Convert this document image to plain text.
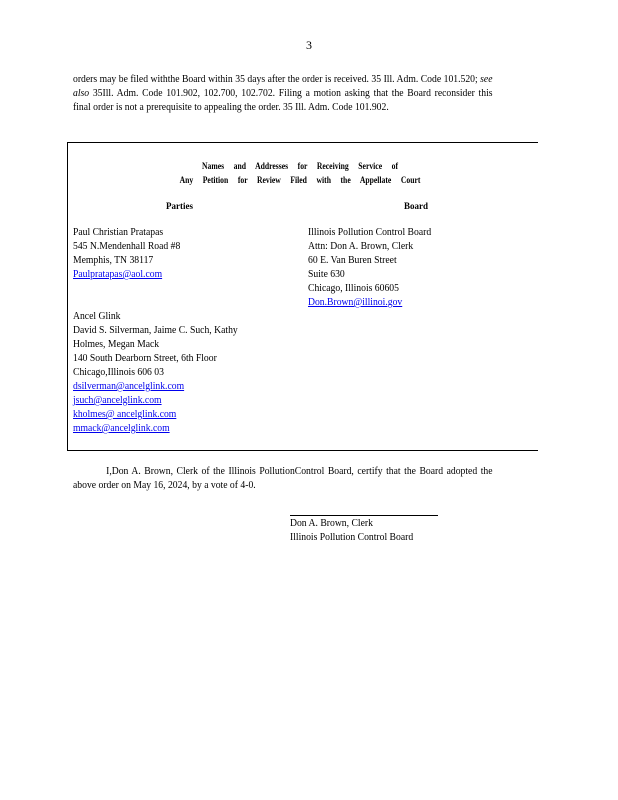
3
orders may be filed withthe Board within 35 days after the order is received. 35 Ill. Adm. Code 101.520; see also 35Ill. Adm. Code 101.902, 102.700, 102.702. Filing a motion asking that the Board reconsider this final order is not a prerequisite to appealing the order. 35 Ill. Adm. Code 101.902.
Names and Addresses for Receiving Service of
Any Petition for Review Filed with the Appellate Court
Parties	Board
Paul Christian Pratapas
545 N.Mendenhall Road #8
Memphis, TN 38117
Paulpratapas@aol.com
Illinois Pollution Control Board
Attn: Don A. Brown, Clerk
60 E. Van Buren Street
Suite 630
Chicago, Illinois 60605
Don.Brown@illinoi.gov
Ancel Glink
David S. Silverman, Jaime C. Such, Kathy
Holmes, Megan Mack
140 South Dearborn Street, 6th Floor
Chicago,Illinois 606 03
dsilverman@ancelglink.com
jsuch@ancelglink.com
kholmes@ ancelglink.com
mmack@ancelglink.com
I,Don A. Brown, Clerk of the Illinois PollutionControl Board, certify that the Board adopted the above order on May 16, 2024, by a vote of 4-0.
Don A. Brown, Clerk
Illinois Pollution Control Board
